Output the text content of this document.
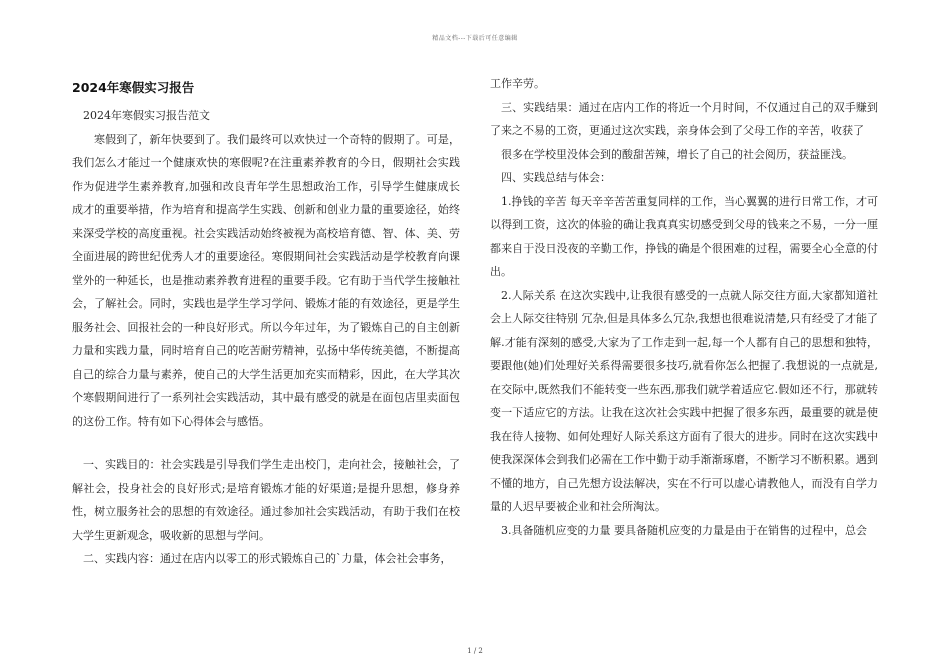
精品文档---下载后可任意编辑
2024年寒假实习报告

2024年寒假实习报告范文

寒假到了，新年快要到了。我们最终可以欢快过一个奇特的假期了。可是，我们怎么才能过一个健康欢快的寒假呢?在注重素养教育的今日，假期社会实践作为促进学生素养教育,加强和改良青年学生思想政治工作，引导学生健康成长成才的重要举措，作为培育和提高学生实践、创新和创业力量的重要途径，始终来深受学校的高度重视。社会实践活动始终被视为高校培育德、智、体、美、劳全面进展的跨世纪优秀人才的重要途径。寒假期间社会实践活动是学校教育向课堂外的一种延长，也是推动素养教育进程的重要手段。它有助于当代学生接触社会，了解社会。同时，实践也是学生学习学问、锻炼才能的有效途径，更是学生服务社会、回报社会的一种良好形式。所以今年过年，为了锻炼自己的自主创新力量和实践力量，同时培育自己的吃苦耐劳精神，弘扬中华传统美德，不断提高自己的综合力量与素养，使自己的大学生活更加充实而精彩，因此，在大学其次个寒假期间进行了一系列社会实践活动，其中最有感受的就是在面包店里卖面包的这份工作。特有如下心得体会与感悟。

一、实践目的：社会实践是引导我们学生走出校门，走向社会，接触社会，了解社会，投身社会的良好形式;是培育锻炼才能的好渠道;是提升思想，修身养性，树立服务社会的思想的有效途径。通过参加社会实践活动，有助于我们在校大学生更新观念，吸收新的思想与学问。

二、实践内容：通过在店内以零工的形式锻炼自己的`力量，体会社会事务，

工作辛劳。

三、实践结果：通过在店内工作的将近一个月时间，不仅通过自己的双手赚到了来之不易的工资，更通过这次实践，亲身体会到了父母工作的辛苦，收获了

很多在学校里没体会到的酸甜苦辣，增长了自己的社会阅历，获益匪浅。

四、实践总结与体会：

1.挣钱的辛苦 每天辛辛苦苦重复同样的工作，当心翼翼的进行日常工作，才可以得到工资，这次的体验的确让我真真实切感受到父母的钱来之不易，一分一厘都来自于没日没夜的辛勤工作，挣钱的确是个很困难的过程，需要全心全意的付出。

2.人际关系 在这次实践中,让我很有感受的一点就人际交往方面,大家都知道社会上人际交往特别 冗杂,但是具体多么冗杂,我想也很难说清楚,只有经受了才能了解.才能有深刻的感受,大家为了工作走到一起,每一个人都有自己的思想和独特，要跟他(她)们处理好关系得需要很多技巧,就看你怎么把握了.我想说的一点就是,在交际中,既然我们不能转变一些东西,那我们就学着适应它.假如还不行，那就转变一下适应它的方法。让我在这次社会实践中把握了很多东西，最重要的就是使我在待人接物、如何处理好人际关系这方面有了很大的进步。同时在这次实践中使我深深体会到我们必需在工作中勤于动手渐渐琢磨，不断学习不断积累。遇到不懂的地方，自己先想方设法解决，实在不行可以虚心请教他人，而没有自学力量的人迟早要被企业和社会所淘汰。

3.具备随机应变的力量 要具备随机应变的力量是由于在销售的过程中，总会

1 / 2
